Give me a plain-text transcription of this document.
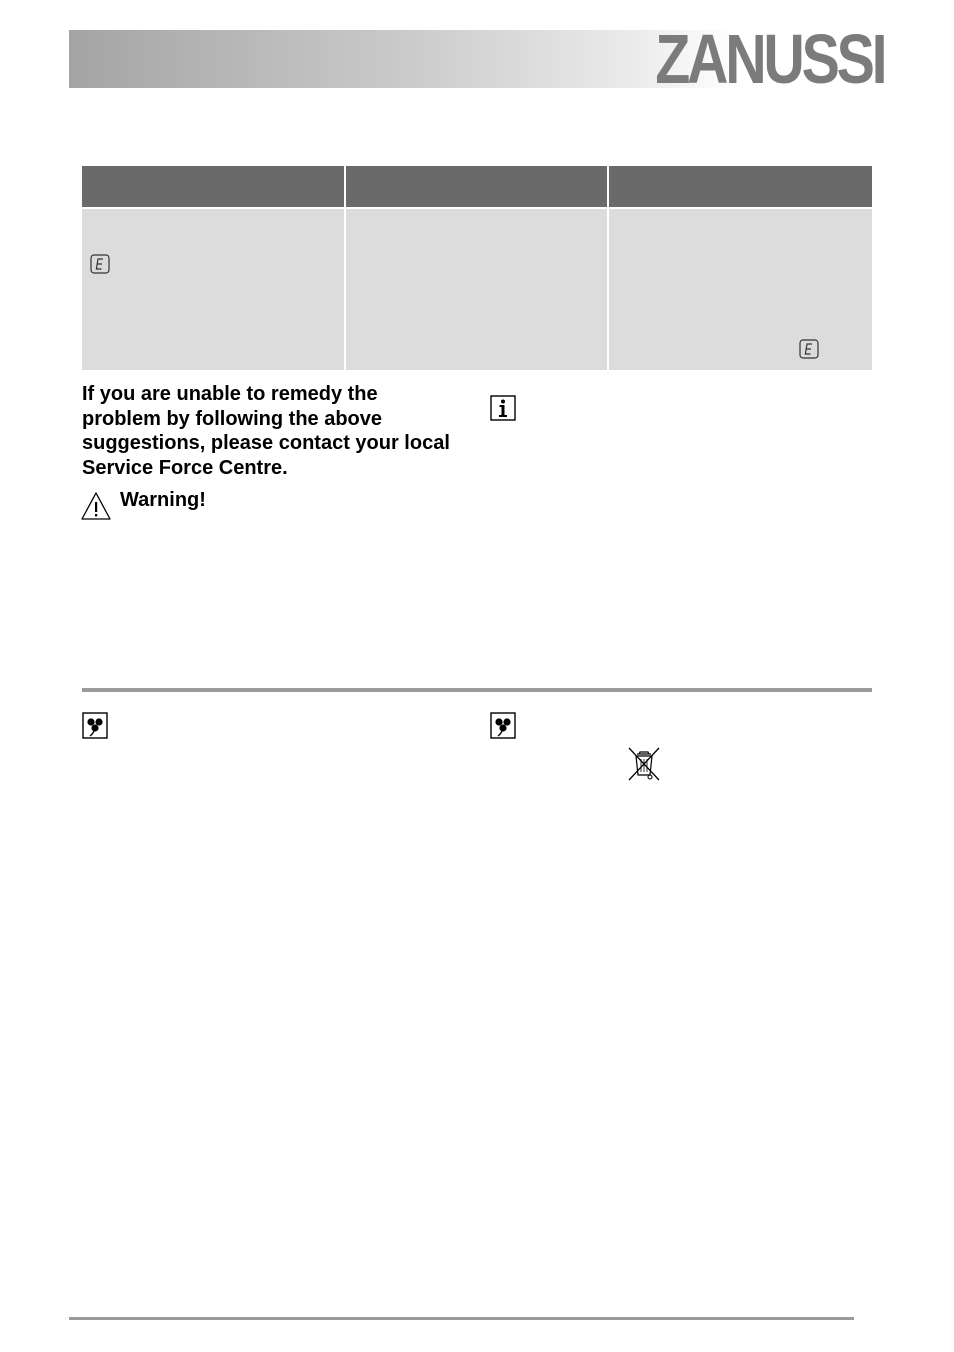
ZANUSSI

If you are unable to remedy the problem by following the above suggestions, please contact your local Service Force Centre.

Warning!
